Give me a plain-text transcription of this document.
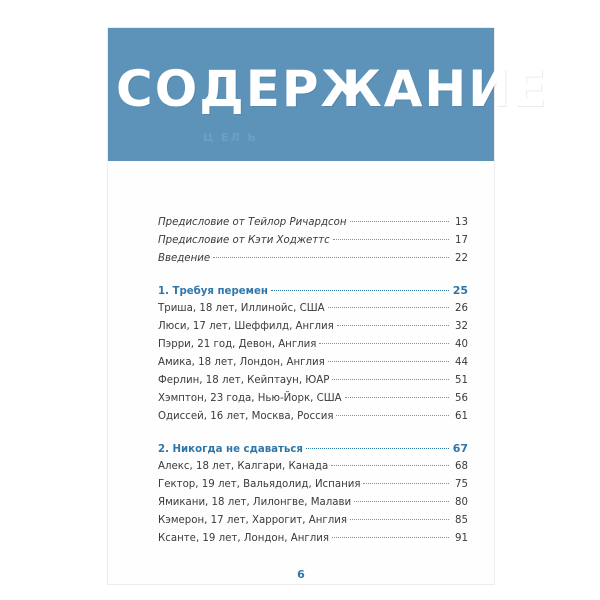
СОДЕРЖАНИЕ
Ц ЕЛ Ь
Предисловие от Тейлор Ричардсон	13
Предисловие от Кэти Ходжеттс	17
Введение	22
1. Требуя перемен	25
Триша, 18 лет, Иллинойс, США	26
Люси, 17 лет, Шеффилд, Англия	32
Пэрри, 21 год, Девон, Англия	40
Амика, 18 лет, Лондон, Англия	44
Ферлин, 18 лет, Кейптаун, ЮАР	51
Хэмптон, 23 года, Нью-Йорк, США	56
Одиссей, 16 лет, Москва, Россия	61
2. Никогда не сдаваться	67
Алекс, 18 лет, Калгари, Канада	68
Гектор, 19 лет, Вальядолид, Испания	75
Ямикани, 18 лет, Лилонгве, Малави	80
Кэмерон, 17 лет, Харрогит, Англия	85
Ксанте, 19 лет, Лондон, Англия	91
6
